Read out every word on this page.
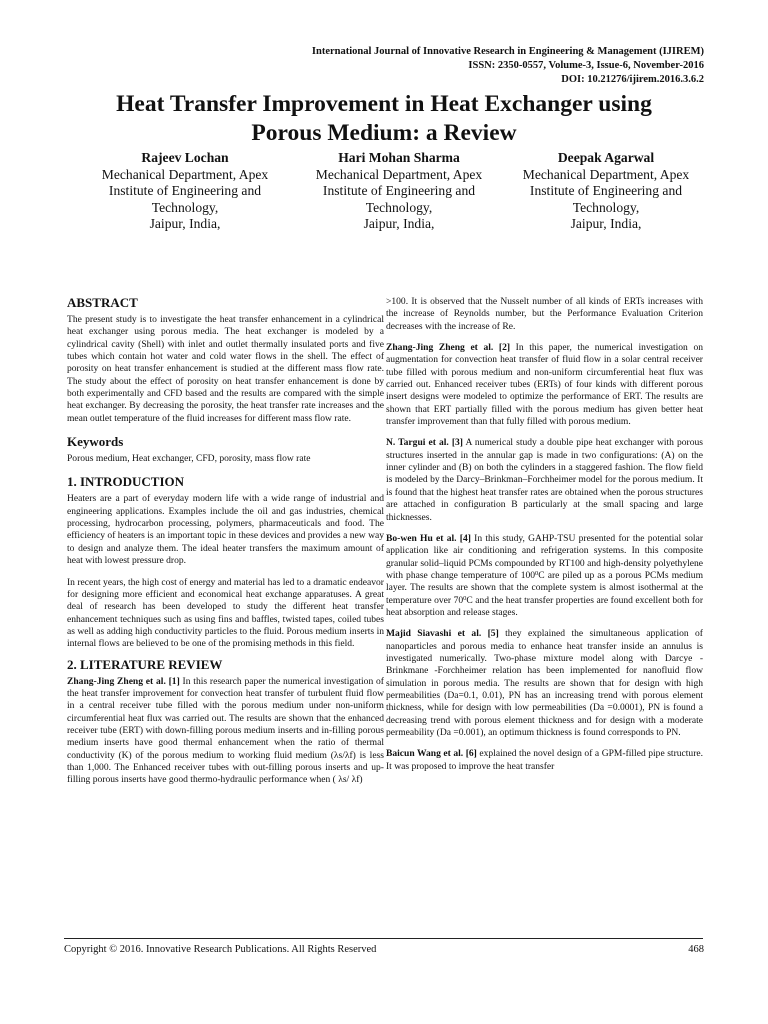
International Journal of Innovative Research in Engineering & Management (IJIREM)
ISSN: 2350-0557, Volume-3, Issue-6, November-2016
DOI: 10.21276/ijirem.2016.3.6.2
Heat Transfer Improvement in Heat Exchanger using
Porous Medium: a Review
Rajeev Lochan
Mechanical Department, Apex
Institute of Engineering and
Technology,
Jaipur, India,
Hari Mohan Sharma
Mechanical Department, Apex
Institute of Engineering and
Technology,
Jaipur, India,
Deepak Agarwal
Mechanical Department, Apex
Institute of Engineering and
Technology,
Jaipur, India,
ABSTRACT

The present study is to investigate the heat transfer enhancement in a cylindrical heat exchanger using porous media. The heat exchanger is modeled by a cylindrical cavity (Shell) with inlet and outlet thermally insulated ports and five tubes which contain hot water and cold water flows in the shell. The effect of porosity on heat transfer enhancement is studied at the different mass flow rate. The study about the effect of porosity on heat transfer enhancement is done by both experimentally and CFD based and the results are compared with the simple heat exchanger. By decreasing the porosity, the heat transfer rate increases and the mean outlet temperature of the fluid increases for different mass flow rate.

Keywords

Porous medium, Heat exchanger, CFD, porosity, mass flow rate

1. INTRODUCTION

Heaters are a part of everyday modern life with a wide range of industrial and engineering applications. Examples include the oil and gas industries, chemical processing, hydrocarbon processing, polymers, pharmaceuticals and food. The efficiency of heaters is an important topic in these devices and provides a new way to design and analyze them. The ideal heater transfers the maximum amount of heat with lowest pressure drop.

In recent years, the high cost of energy and material has led to a dramatic endeavor for designing more efficient and economical heat exchange apparatuses. A great deal of research has been developed to study the different heat transfer enhancement techniques such as using fins and baffles, twisted tapes, coiled tubes as well as adding high conductivity particles to the fluid. Porous medium inserts in internal flows are believed to be one of the promising methods in this field.

2. LITERATURE REVIEW

Zhang-Jing Zheng et al. [1] In this research paper the numerical investigation of the heat transfer improvement for convection heat transfer of turbulent fluid flow in a central receiver tube filled with the porous medium under non-uniform circumferential heat flux was carried out. The results are shown that the enhanced receiver tube (ERT) with down-filling porous medium inserts and in-filling porous medium inserts have good thermal enhancement when the ratio of thermal conductivity (K) of the porous medium to working fluid medium (λs/λf) is less than 1,000. The Enhanced receiver tubes with out-filling porous inserts and up-filling porous inserts have good thermo-hydraulic performance when ( λs/ λf)

>100. It is observed that the Nusselt number of all kinds of ERTs increases with the increase of Reynolds number, but the Performance Evaluation Criterion decreases with the increase of Re.

Zhang-Jing Zheng et al. [2] In this paper, the numerical investigation on augmentation for convection heat transfer of fluid flow in a solar central receiver tube filled with porous medium and non-uniform circumferential heat flux was carried out. Enhanced receiver tubes (ERTs) of four kinds with different porous insert designs were modeled to optimize the performance of ERT. The results are shown that ERT partially filled with the porous medium has given better heat transfer improvement than that fully filled with porous medium.

N. Targui et al. [3] A numerical study a double pipe heat exchanger with porous structures inserted in the annular gap is made in two configurations: (A) on the inner cylinder and (B) on both the cylinders in a staggered fashion. The flow field is modeled by the Darcy–Brinkman–Forchheimer model for the porous medium. It is found that the highest heat transfer rates are obtained when the porous structures are attached in configuration B particularly at the small spacing and large thicknesses.

Bo-wen Hu et al. [4] In this study, GAHP-TSU presented for the potential solar application like air conditioning and refrigeration systems. In this composite granular solid–liquid PCMs compounded by RT100 and high-density polyethylene with phase change temperature of $100^0C$ are piled up as a porous PCMs medium layer. The results are shown that the complete system is almost isothermal at the temperature over $70^0C$ and the heat transfer properties are found excellent both for heat absorption and release stages.

Majid Siavashi et al. [5] they explained the simultaneous application of nanoparticles and porous media to enhance heat transfer inside an annulus is investigated numerically. Two-phase mixture model along with Darcye -Brinkmane -Forchheimer relation has been implemented for nanofluid flow simulation in porous media. The results are shown that for design with high permeabilities (Da=0.1, 0.01), PN has an increasing trend with porous element thickness, while for design with low permeabilities (Da =0.0001), PN is found a decreasing trend with porous element thickness and for design with a moderate permeability (Da =0.001), an optimum thickness is found corresponds to PN.

Baicun Wang et al. [6] explained the novel design of a GPM-filled pipe structure. It was proposed to improve the heat transfer

Copyright © 2016. Innovative Research Publications. All Rights Reserved	468
